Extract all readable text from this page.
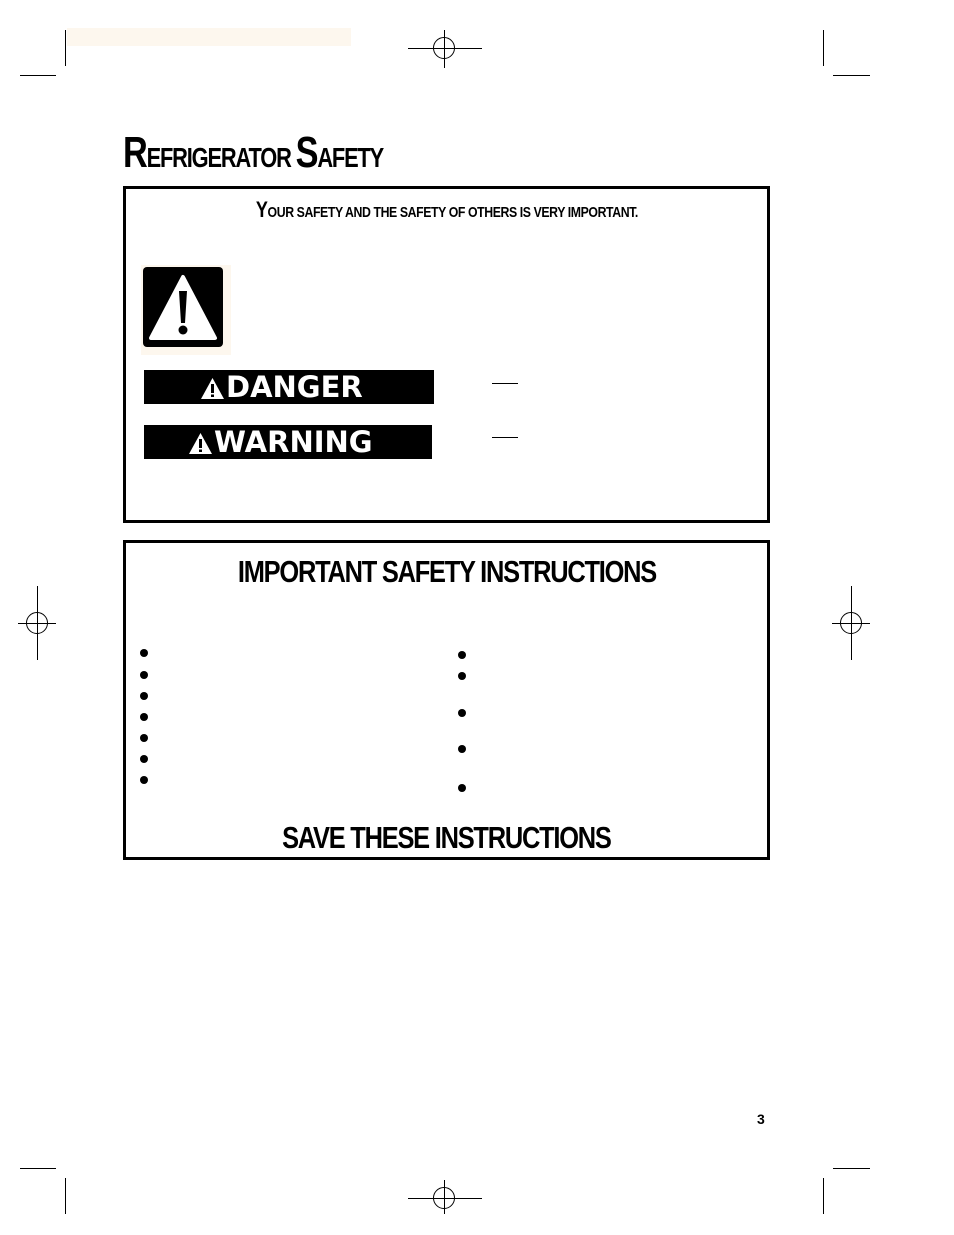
REFRIGERATOR SAFETY
YOUR SAFETY AND THE SAFETY OF OTHERS IS VERY IMPORTANT.
DANGER
WARNING
IMPORTANT SAFETY INSTRUCTIONS
SAVE THESE INSTRUCTIONS
3
